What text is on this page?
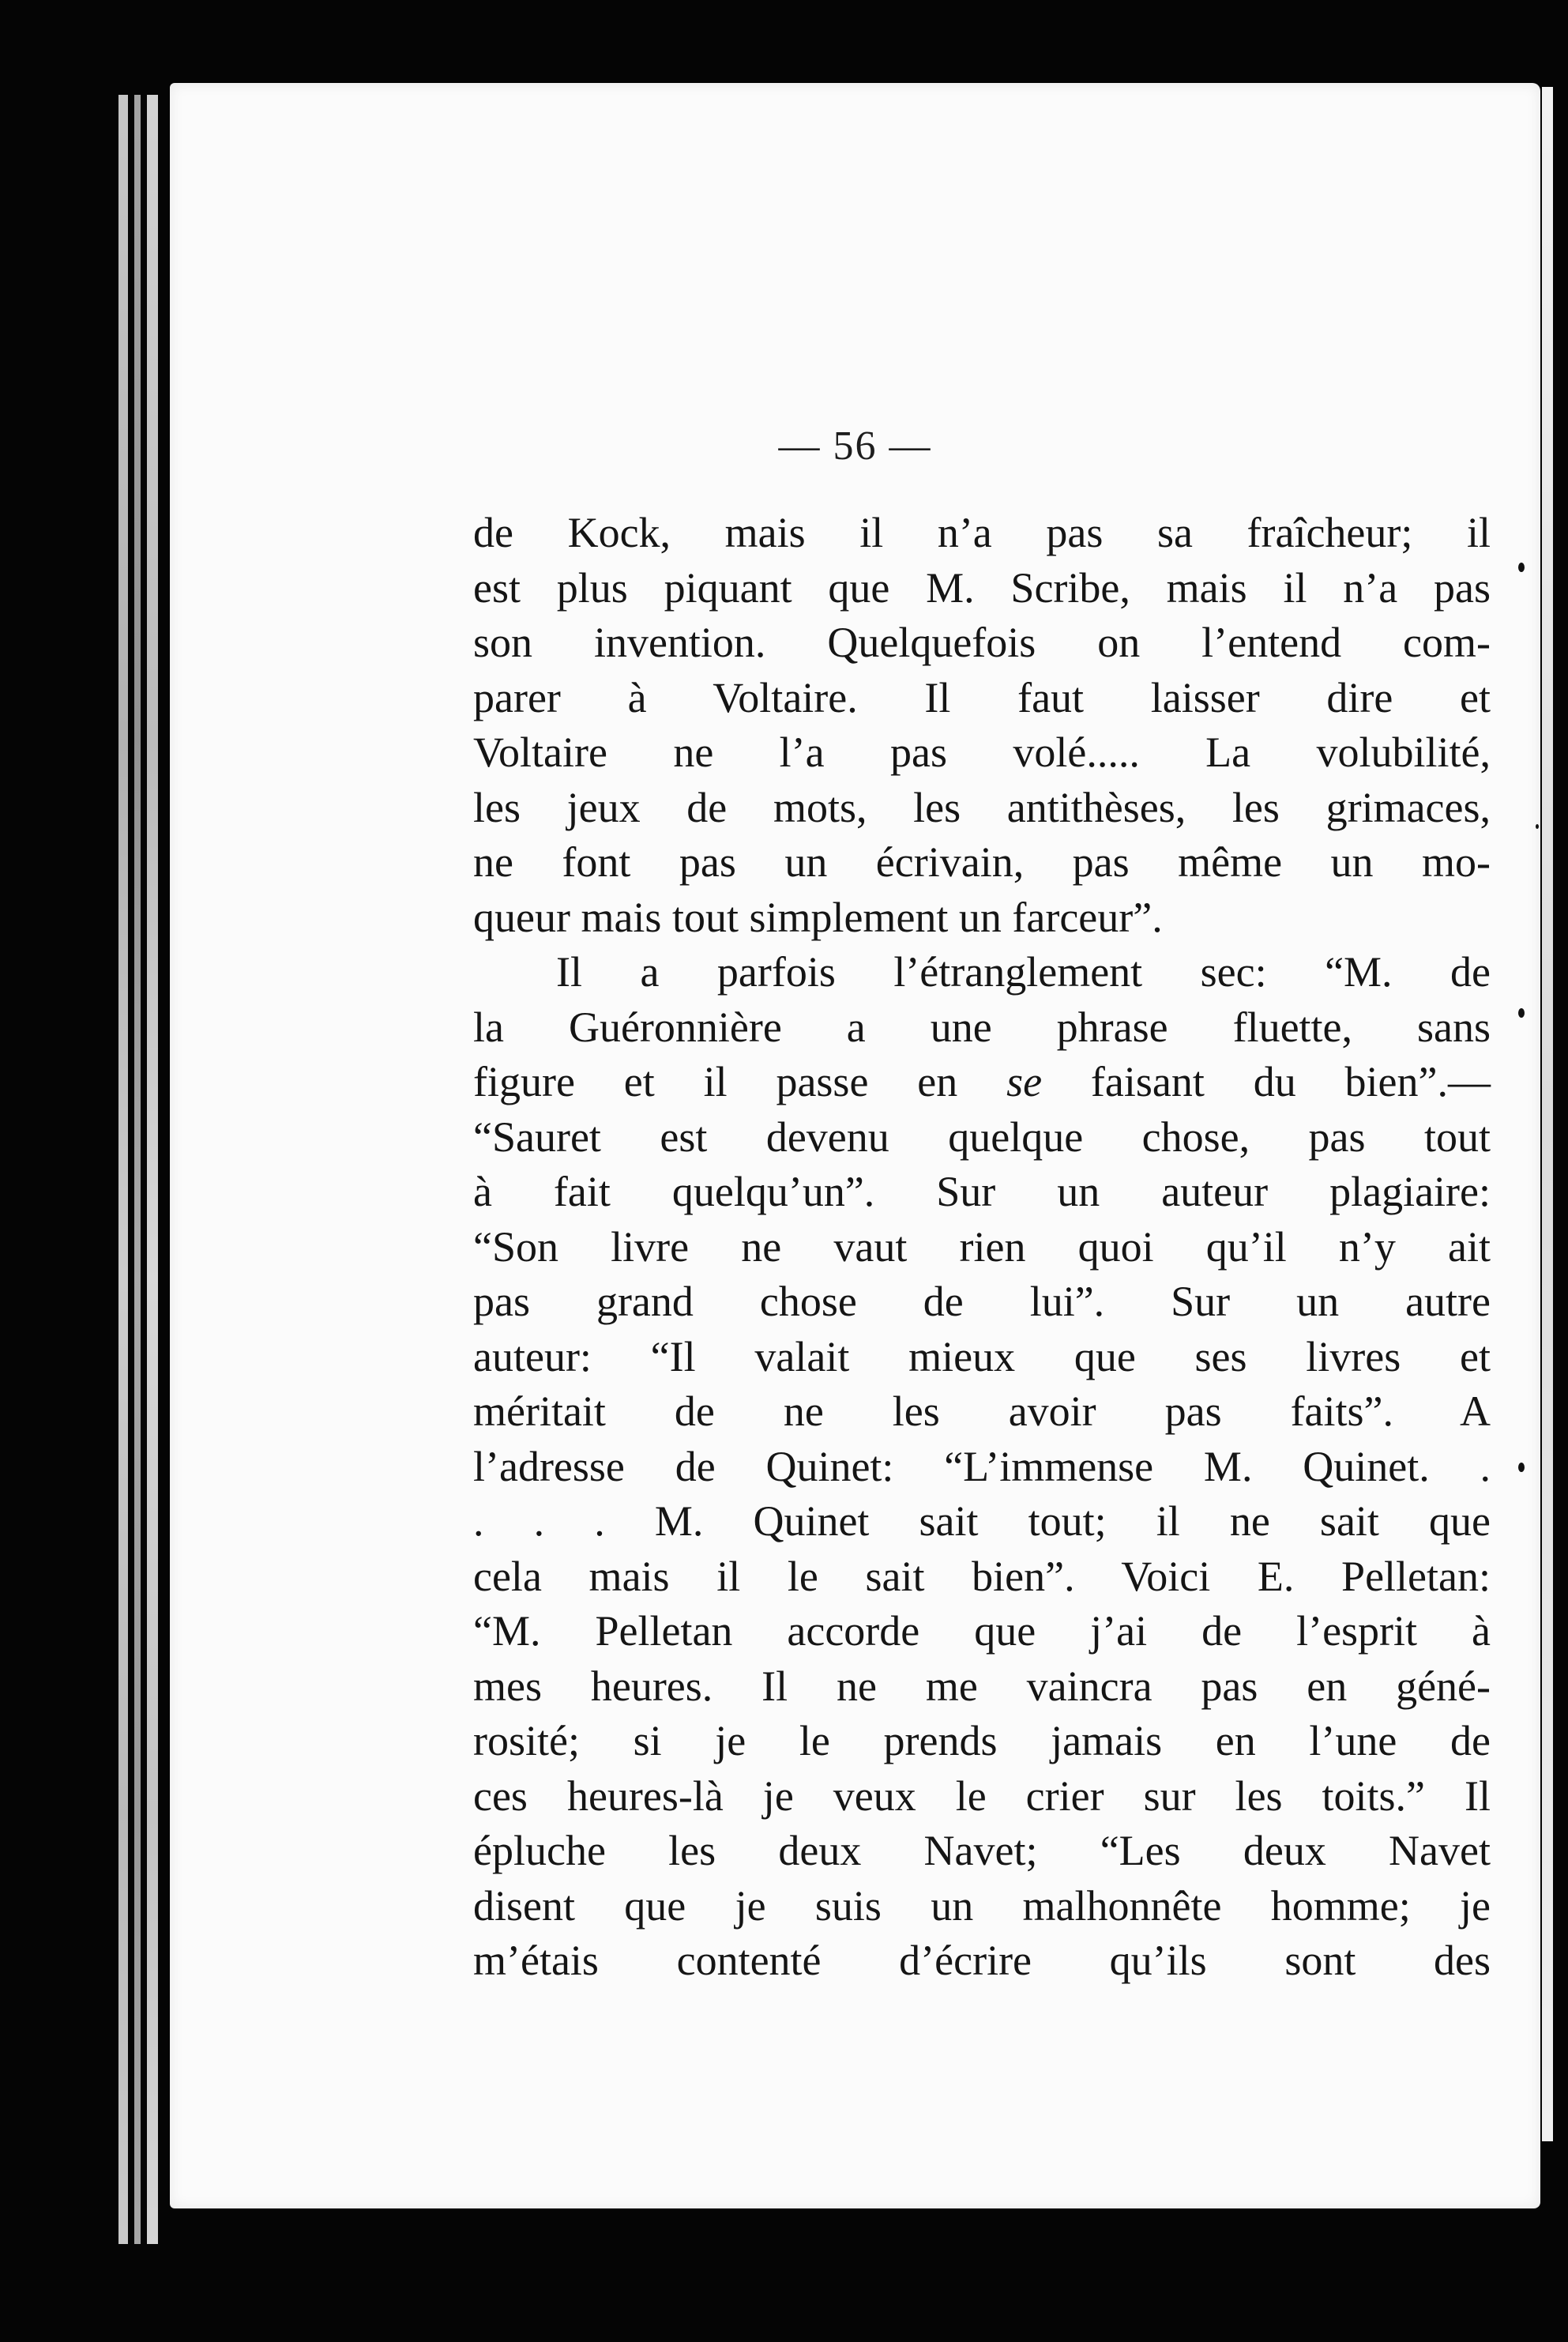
— 56 —
de Kock, mais il n’a pas sa fraîcheur; il
est plus piquant que M. Scribe, mais il n’a pas
son invention. Quelquefois on l’entend com-
parer à Voltaire. Il faut laisser dire et
Voltaire ne l’a pas volé..... La volubilité,
les jeux de mots, les antithèses, les grimaces,
ne font pas un écrivain, pas même un mo-
queur mais tout simplement un farceur”.
Il a parfois l’étranglement sec: “M. de
la Guéronnière a une phrase fluette, sans
figure et il passe en se faisant du bien”.—
“Sauret est devenu quelque chose, pas tout
à fait quelqu’un”. Sur un auteur plagiaire:
“Son livre ne vaut rien quoi qu’il n’y ait
pas grand chose de lui”. Sur un autre
auteur: “Il valait mieux que ses livres et
méritait de ne les avoir pas faits”. A
l’adresse de Quinet: “L’immense M. Quinet. .
. . . M. Quinet sait tout; il ne sait que
cela mais il le sait bien”. Voici E. Pelletan:
“M. Pelletan accorde que j’ai de l’esprit à
mes heures. Il ne me vaincra pas en géné-
rosité; si je le prends jamais en l’une de
ces heures-là je veux le crier sur les toits.” Il
épluche les deux Navet; “Les deux Navet
disent que je suis un malhonnête homme; je
m’étais contenté d’écrire qu’ils sont des
